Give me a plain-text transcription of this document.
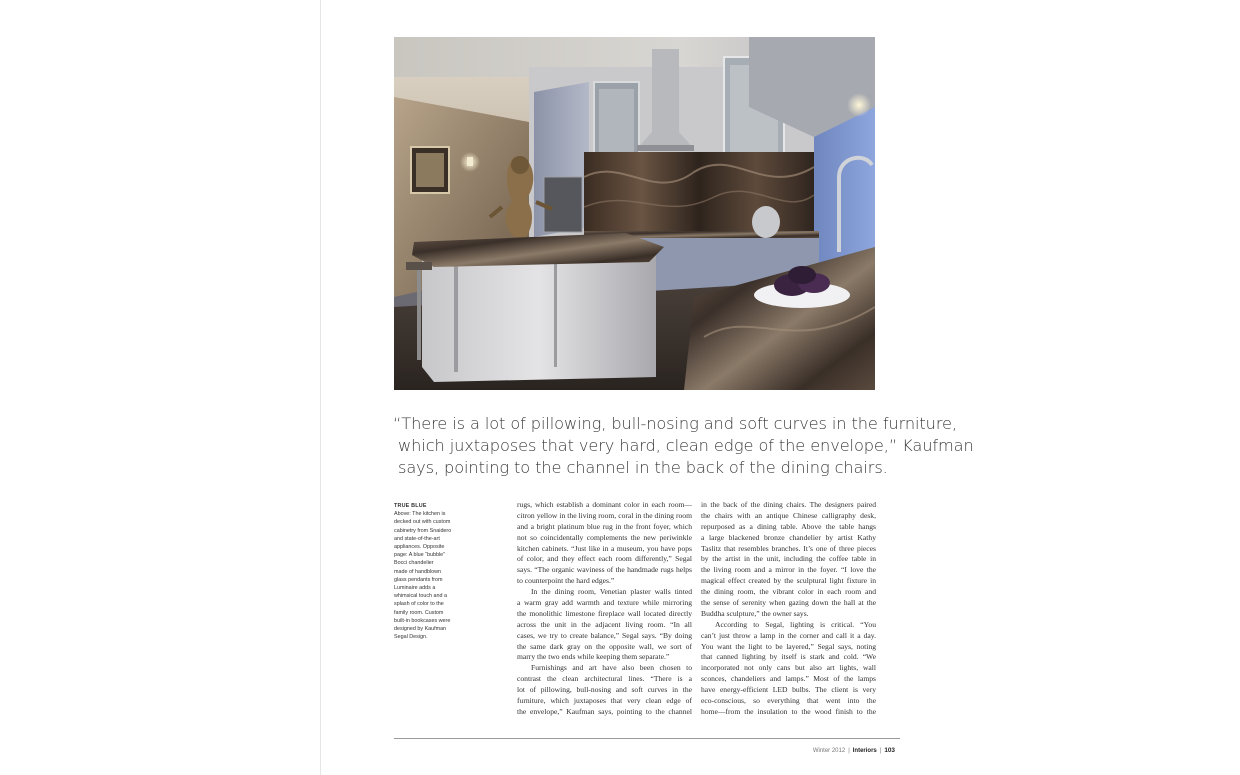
“There is a lot of pillowing, bull-nosing and soft curves in the furniture,
which juxtaposes that very hard, clean edge of the envelope,” Kaufman
says, pointing to the channel in the back of the dining chairs.
TRUE BLUE
Above: The kitchen is
decked out with custom
cabinetry from Snaidero
and state-of-the-art
appliances. Opposite
page: A blue “bubble”
Bocci chandelier
made of handblown
glass pendants from
Luminaire adds a
whimsical touch and a
splash of color to the
family room. Custom
built-in bookcases were
designed by Kaufman
Segal Design.
rugs, which establish a dominant color in each room—
citron yellow in the living room, coral in the dining room
and a bright platinum blue rug in the front foyer, which
not so coincidentally complements the new periwinkle
kitchen cabinets. “Just like in a museum, you have pops
of color, and they effect each room differently,” Segal
says. “The organic waviness of the handmade rugs helps
to counterpoint the hard edges.”
In the dining room, Venetian plaster walls tinted
a warm gray add warmth and texture while mirroring
the monolithic limestone fireplace wall located directly
across the unit in the adjacent living room. “In all
cases, we try to create balance,” Segal says. “By doing
the same dark gray on the opposite wall, we sort of
marry the two ends while keeping them separate.”
Furnishings and art have also been chosen to
contrast the clean architectural lines. “There is a
lot of pillowing, bull-nosing and soft curves in the
furniture, which juxtaposes that very clean edge of
the envelope,” Kaufman says, pointing to the channel
in the back of the dining chairs. The designers paired
the chairs with an antique Chinese calligraphy desk,
repurposed as a dining table. Above the table hangs
a large blackened bronze chandelier by artist Kathy
Taslitz that resembles branches. It’s one of three pieces
by the artist in the unit, including the coffee table in
the living room and a mirror in the foyer. “I love the
magical effect created by the sculptural light fixture in
the dining room, the vibrant color in each room and
the sense of serenity when gazing down the hall at the
Buddha sculpture,” the owner says.
According to Segal, lighting is critical. “You
can’t just throw a lamp in the corner and call it a day.
You want the light to be layered,” Segal says, noting
that canned lighting by itself is stark and cold. “We
incorporated not only cans but also art lights, wall
sconces, chandeliers and lamps.” Most of the lamps
have energy-efficient LED bulbs. The client is very
eco-conscious, so everything that went into the
home—from the insulation to the wood finish to the
Winter 2012 | Interiors | 103
